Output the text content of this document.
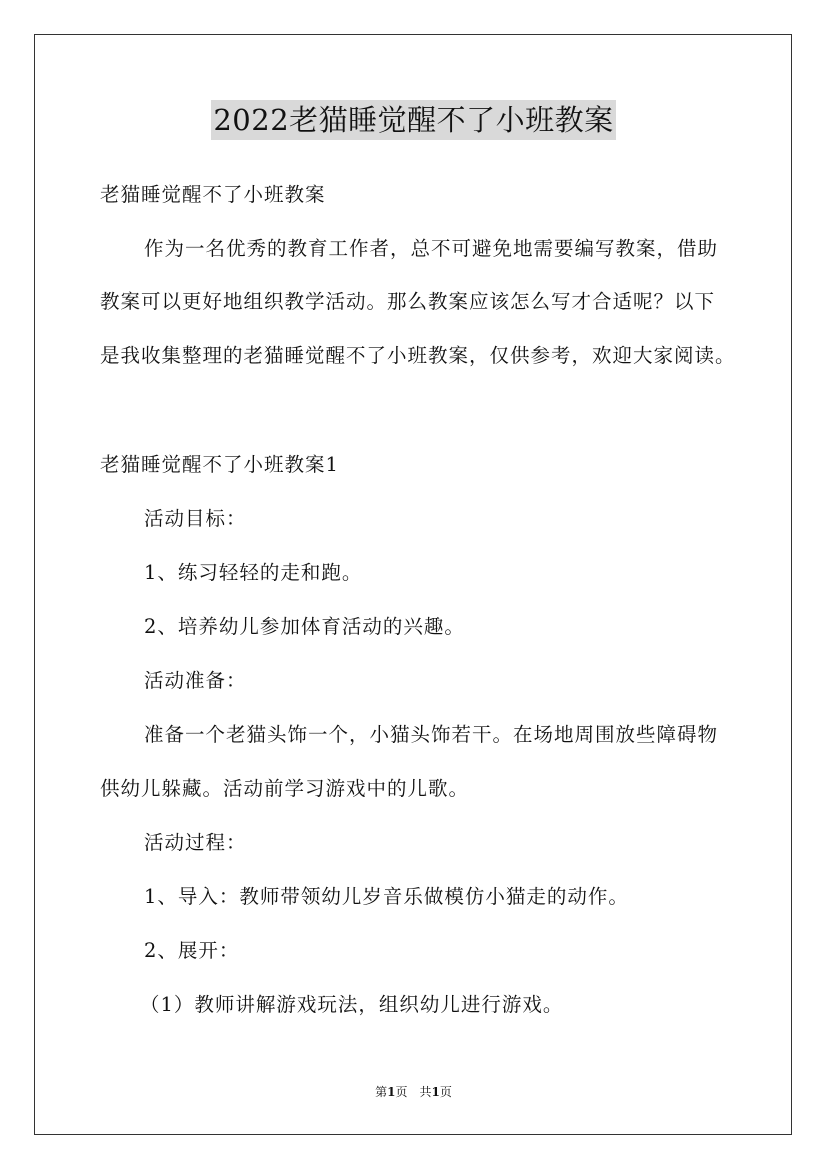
2022老猫睡觉醒不了小班教案
老猫睡觉醒不了小班教案
作为一名优秀的教育工作者，总不可避免地需要编写教案，借助
教案可以更好地组织教学活动。那么教案应该怎么写才合适呢？以下
是我收集整理的老猫睡觉醒不了小班教案，仅供参考，欢迎大家阅读。
老猫睡觉醒不了小班教案1
活动目标：
1、练习轻轻的走和跑。
2、培养幼儿参加体育活动的兴趣。
活动准备：
准备一个老猫头饰一个，小猫头饰若干。在场地周围放些障碍物
供幼儿躲藏。活动前学习游戏中的儿歌。
活动过程：
1、导入：教师带领幼儿岁音乐做模仿小猫走的动作。
2、展开：
（1）教师讲解游戏玩法，组织幼儿进行游戏。
第1页　共1页
